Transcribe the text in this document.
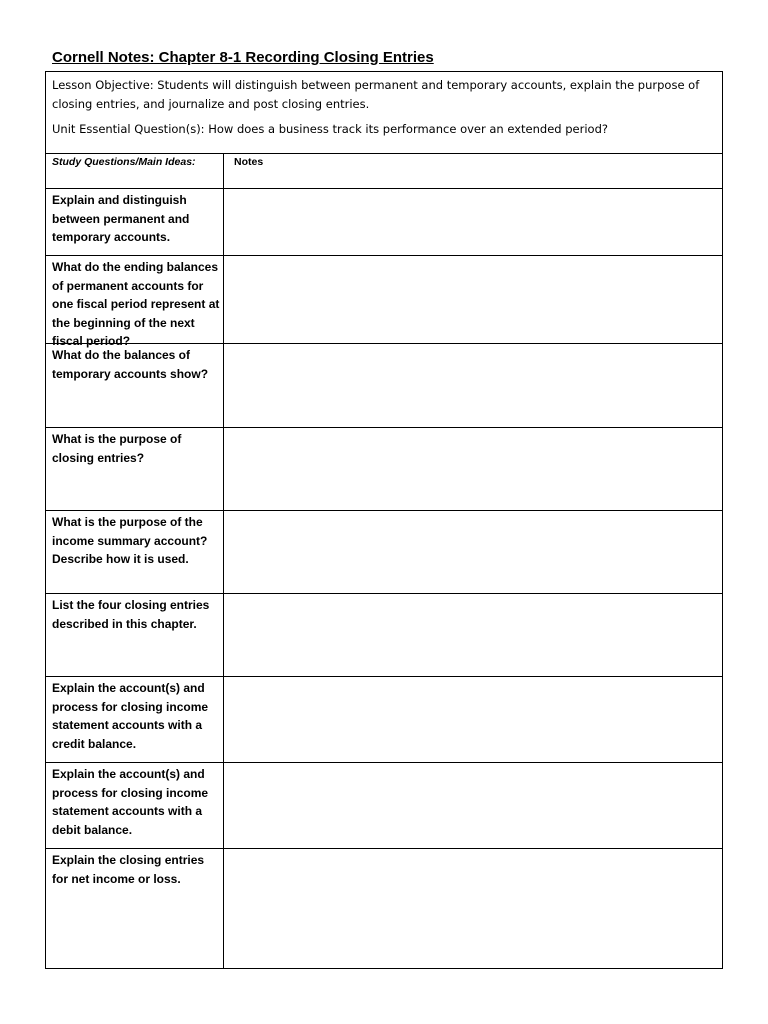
Cornell Notes: Chapter 8-1 Recording Closing Entries

Lesson Objective: Students will distinguish between permanent and temporary accounts, explain the purpose of closing entries, and journalize and post closing entries.

Unit Essential Question(s): How does a business track its performance over an extended period?

Study Questions/Main Ideas:	Notes
Explain and distinguish between permanent and temporary accounts.
What do the ending balances of permanent accounts for one fiscal period represent at the beginning of the next fiscal period?
What do the balances of temporary accounts show?
What is the purpose of closing entries?
What is the purpose of the income summary account? Describe how it is used.
List the four closing entries described in this chapter.
Explain the account(s) and process for closing income statement accounts with a credit balance.
Explain the account(s) and process for closing income statement accounts with a debit balance.
Explain the closing entries for net income or loss.
